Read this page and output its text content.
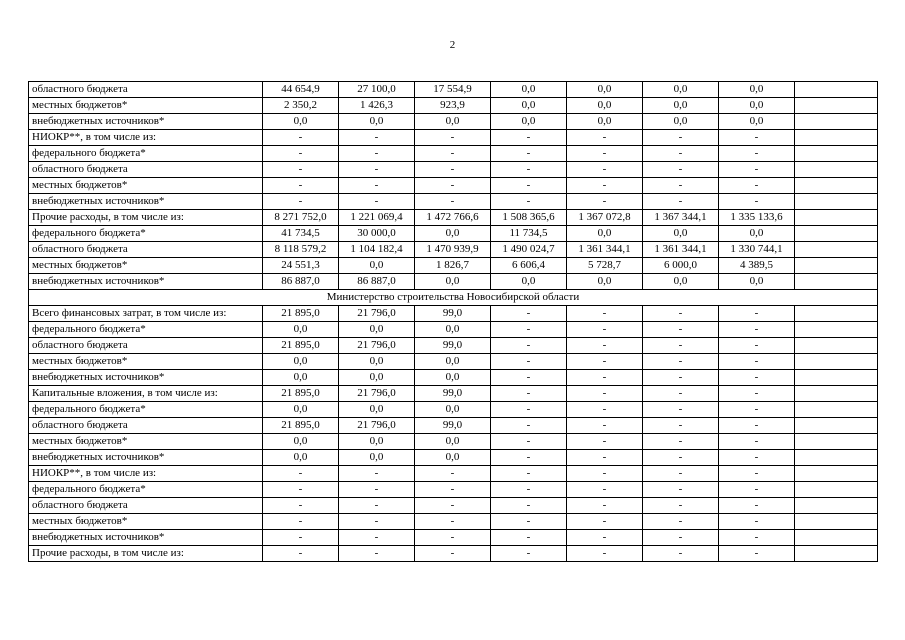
2
областного бюджета	44 654,9	27 100,0	17 554,9	0,0	0,0	0,0	0,0	
местных бюджетов*	2 350,2	1 426,3	923,9	0,0	0,0	0,0	0,0	
внебюджетных источников*	0,0	0,0	0,0	0,0	0,0	0,0	0,0	
НИОКР**, в том числе из:	-	-	-	-	-	-	-	
федерального бюджета*	-	-	-	-	-	-	-	
областного бюджета	-	-	-	-	-	-	-	
местных бюджетов*	-	-	-	-	-	-	-	
внебюджетных источников*	-	-	-	-	-	-	-	
Прочие расходы, в том числе из:	8 271 752,0	1 221 069,4	1 472 766,6	1 508 365,6	1 367 072,8	1 367 344,1	1 335 133,6	
федерального бюджета*	41 734,5	30 000,0	0,0	11 734,5	0,0	0,0	0,0	
областного бюджета	8 118 579,2	1 104 182,4	1 470 939,9	1 490 024,7	1 361 344,1	1 361 344,1	1 330 744,1	
местных бюджетов*	24 551,3	0,0	1 826,7	6 606,4	5 728,7	6 000,0	4 389,5	
внебюджетных источников*	86 887,0	86 887,0	0,0	0,0	0,0	0,0	0,0	
Министерство строительства Новосибирской области								
Всего финансовых затрат, в том числе из:	21 895,0	21 796,0	99,0	-	-	-	-	
федерального бюджета*	0,0	0,0	0,0	-	-	-	-	
областного бюджета	21 895,0	21 796,0	99,0	-	-	-	-	
местных бюджетов*	0,0	0,0	0,0	-	-	-	-	
внебюджетных источников*	0,0	0,0	0,0	-	-	-	-	
Капитальные вложения, в том числе из:	21 895,0	21 796,0	99,0	-	-	-	-	
федерального бюджета*	0,0	0,0	0,0	-	-	-	-	
областного бюджета	21 895,0	21 796,0	99,0	-	-	-	-	
местных бюджетов*	0,0	0,0	0,0	-	-	-	-	
внебюджетных источников*	0,0	0,0	0,0	-	-	-	-	
НИОКР**, в том числе из:	-	-	-	-	-	-	-	
федерального бюджета*	-	-	-	-	-	-	-	
областного бюджета	-	-	-	-	-	-	-	
местных бюджетов*	-	-	-	-	-	-	-	
внебюджетных источников*	-	-	-	-	-	-	-	
Прочие расходы, в том числе из:	-	-	-	-	-	-	-	
